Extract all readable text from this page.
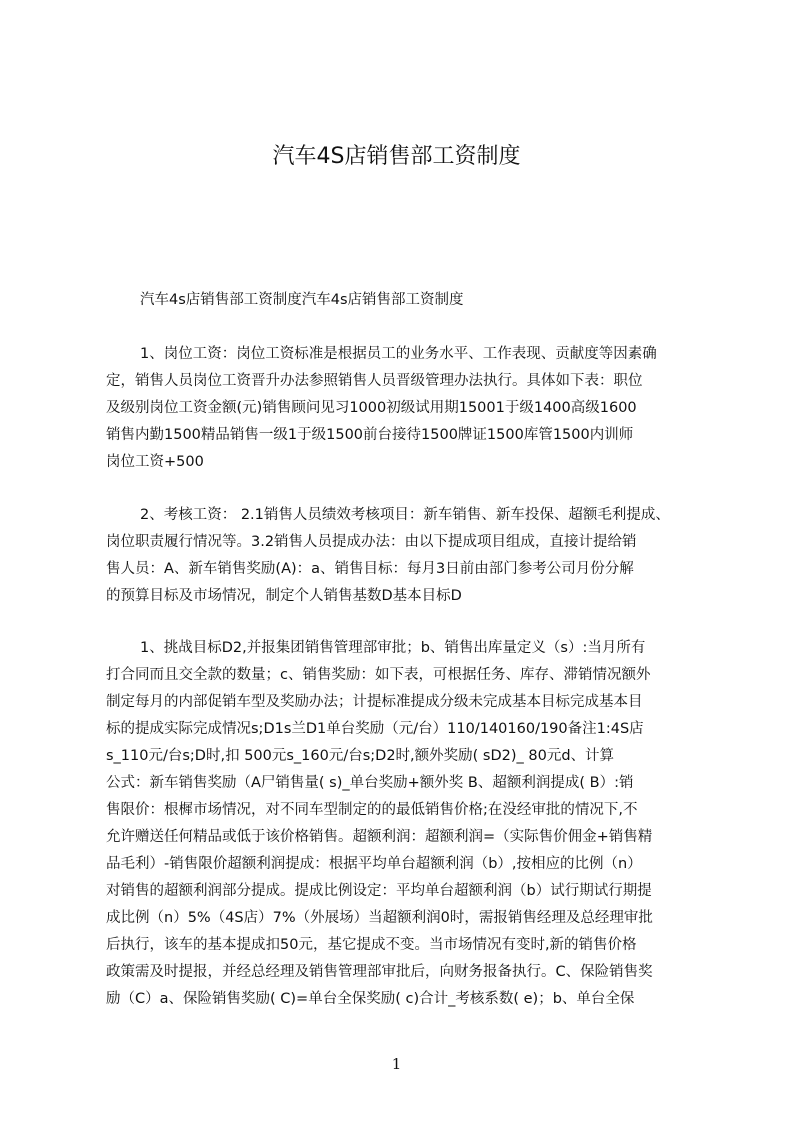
汽车4S店销售部工资制度
汽车4s店销售部工资制度汽车4s店销售部工资制度
1、岗位工资：岗位工资标准是根据员工的业务水平、工作表现、贡献度等因素确
定，销售人员岗位工资晋升办法参照销售人员晋级管理办法执行。具体如下表：职位
及级别岗位工资金额(元)销售顾问见习1000初级试用期15001于级1400高级1600
销售内勤1500精品销售一级1于级1500前台接待1500牌证1500库管1500内训师
岗位工资+500
2、考核工资： 2.1销售人员绩效考核项目：新车销售、新车投保、超额毛利提成、
岗位职责履行情况等。3.2销售人员提成办法：由以下提成项目组成，直接计提给销
售人员：A、新车销售奖励(A)：a、销售目标：每月3日前由部门参考公司月份分解
的预算目标及市场情况，制定个人销售基数D基本目标D
1、挑战目标D2,并报集团销售管理部审批；b、销售出库量定义（s）:当月所有
打合同而且交全款的数量；c、销售奖励：如下表，可根据任务、库存、滞销情况额外
制定每月的内部促销车型及奖励办法；计提标准提成分级未完成基本目标完成基本目
标的提成实际完成情况s;D1s兰D1单台奖励（元/台）110/140160/190备注1:4S店
s_110元/台s;D时,扣 500元s_160元/台s;D2时,额外奖励( sD2)_ 80元d、计算
公式：新车销售奖励（A尸销售量( s)_单台奖励+额外奖 B、超额利润提成( B）:销
售限价：根樨市场情况，对不同车型制定的的最低销售价格;在没经审批的情况下,不
允许赠送任何精品或低于该价格销售。超额利润：超额利润=（实际售价佣金+销售精
品毛利）-销售限价超额利润提成：根据平均单台超额利润（b）,按相应的比例（n）
对销售的超额利润部分提成。提成比例设定：平均单台超额利润（b）试行期试行期提
成比例（n）5%（4S店）7%（外展场）当超额利润0时，需报销售经理及总经理审批
后执行，该车的基本提成扣50元，基它提成不变。当市场情况有变时,新的销售价格
政策需及时提报，并经总经理及销售管理部审批后，向财务报备执行。C、保险销售奖
励（C）a、保险销售奖励( C)=单台全保奖励( c)合计_考核系数( e)；b、单台全保
1
